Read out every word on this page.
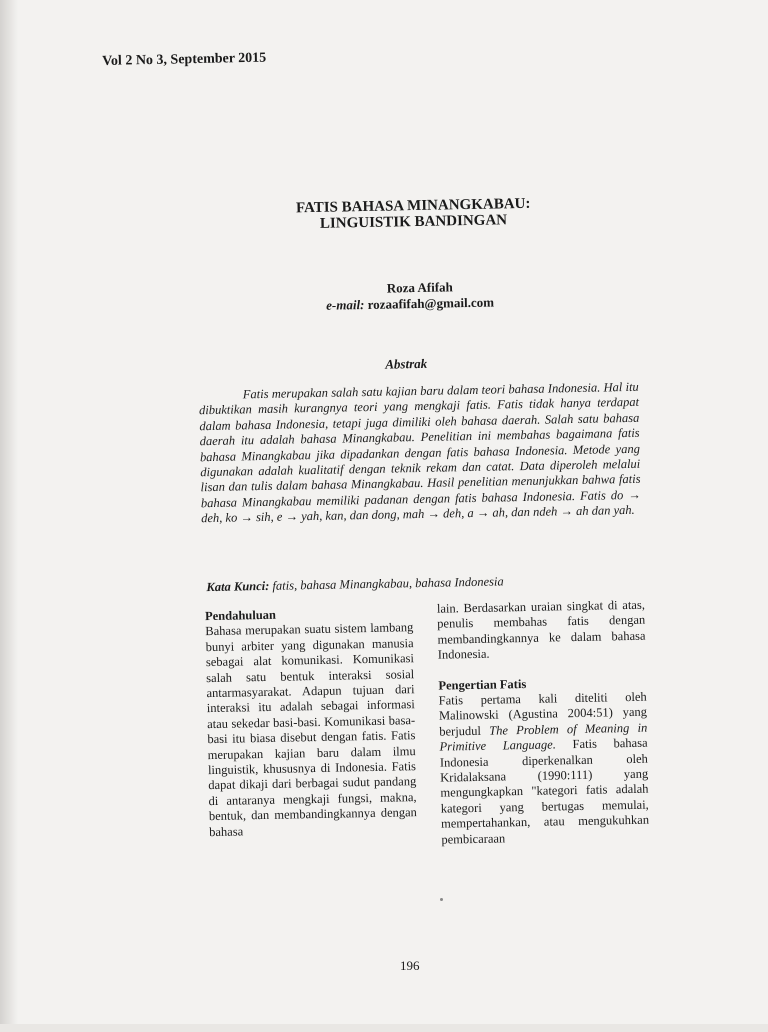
Vol 2 No 3, September 2015
FATIS BAHASA MINANGKABAU:
LINGUISTIK BANDINGAN
Roza Afifah
e-mail: rozaafifah@gmail.com
Abstrak

Fatis merupakan salah satu kajian baru dalam teori bahasa Indonesia. Hal itu dibuktikan masih kurangnya teori yang mengkaji fatis. Fatis tidak hanya terdapat dalam bahasa Indonesia, tetapi juga dimiliki oleh bahasa daerah. Salah satu bahasa daerah itu adalah bahasa Minangkabau. Penelitian ini membahas bagaimana fatis bahasa Minangkabau jika dipadankan dengan fatis bahasa Indonesia. Metode yang digunakan adalah kualitatif dengan teknik rekam dan catat. Data diperoleh melalui lisan dan tulis dalam bahasa Minangkabau. Hasil penelitian menunjukkan bahwa fatis bahasa Minangkabau memiliki padanan dengan fatis bahasa Indonesia. Fatis do → deh, ko → sih, e → yah, kan, dan dong, mah → deh, a → ah, dan ndeh → ah dan yah.

Kata Kunci: fatis, bahasa Minangkabau, bahasa Indonesia
Pendahuluan

Bahasa merupakan suatu sistem lambang bunyi arbiter yang digunakan manusia sebagai alat komunikasi. Komunikasi salah satu bentuk interaksi sosial antarmasyarakat. Adapun tujuan dari interaksi itu adalah sebagai informasi atau sekedar basi-basi. Komunikasi basa-basi itu biasa disebut dengan fatis. Fatis merupakan kajian baru dalam ilmu linguistik, khususnya di Indonesia. Fatis dapat dikaji dari berbagai sudut pandang di antaranya mengkaji fungsi, makna, bentuk, dan membandingkannya dengan bahasa

lain. Berdasarkan uraian singkat di atas, penulis membahas fatis dengan membandingkannya ke dalam bahasa Indonesia.

Pengertian Fatis

Fatis pertama kali diteliti oleh Malinowski (Agustina 2004:51) yang berjudul The Problem of Meaning in Primitive Language. Fatis bahasa Indonesia diperkenalkan oleh Kridalaksana (1990:111) yang mengungkapkan "kategori fatis adalah kategori yang bertugas memulai, mempertahankan, atau mengukuhkan pembicaraan

196
